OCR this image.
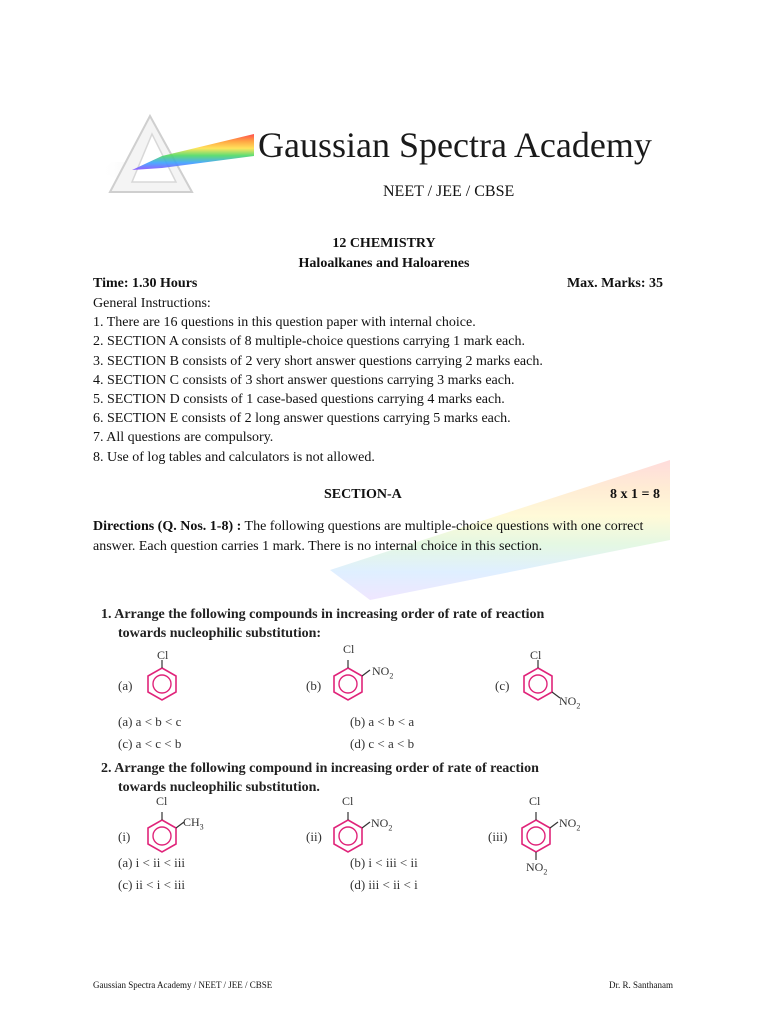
Gaussian Spectra Academy
NEET / JEE / CBSE
12 CHEMISTRY
Haloalkanes and Haloarenes
Time: 1.30 Hours	Max. Marks: 35
General Instructions:
1. There are 16 questions in this question paper with internal choice.
2. SECTION A consists of 8 multiple-choice questions carrying 1 mark each.
3. SECTION B consists of 2 very short answer questions carrying 2 marks each.
4. SECTION C consists of 3 short answer questions carrying 3 marks each.
5. SECTION D consists of 1 case-based questions carrying 4 marks each.
6. SECTION E consists of 2 long answer questions carrying 5 marks each.
7. All questions are compulsory.
8. Use of log tables and calculators is not allowed.
SECTION-A	8 x 1 = 8
Directions (Q. Nos. 1-8) : The following questions are multiple-choice questions with one correct answer. Each question carries 1 mark. There is no internal choice in this section.
1. Arrange the following compounds in increasing order of rate of reaction
towards nucleophilic substitution:
(a)	(b)	(c)
Cl	Cl
$NO_2$
Cl
$NO_2$
(a) a < b < c	(b) a < b < a
(c) a < c < b	(d) c < a < b
2. Arrange the following compound in increasing order of rate of reaction
towards nucleophilic substitution.
(i)	(ii)	(iii)
Cl
$CH_3$
Cl
$NO_2$
Cl
$NO_2$
$NO_2$
(a) i < ii < iii	(b) i < iii < ii
(c) ii < i < iii	(d) iii < ii < i
Gaussian Spectra Academy / NEET / JEE / CBSE	Dr. R. Santhanam
